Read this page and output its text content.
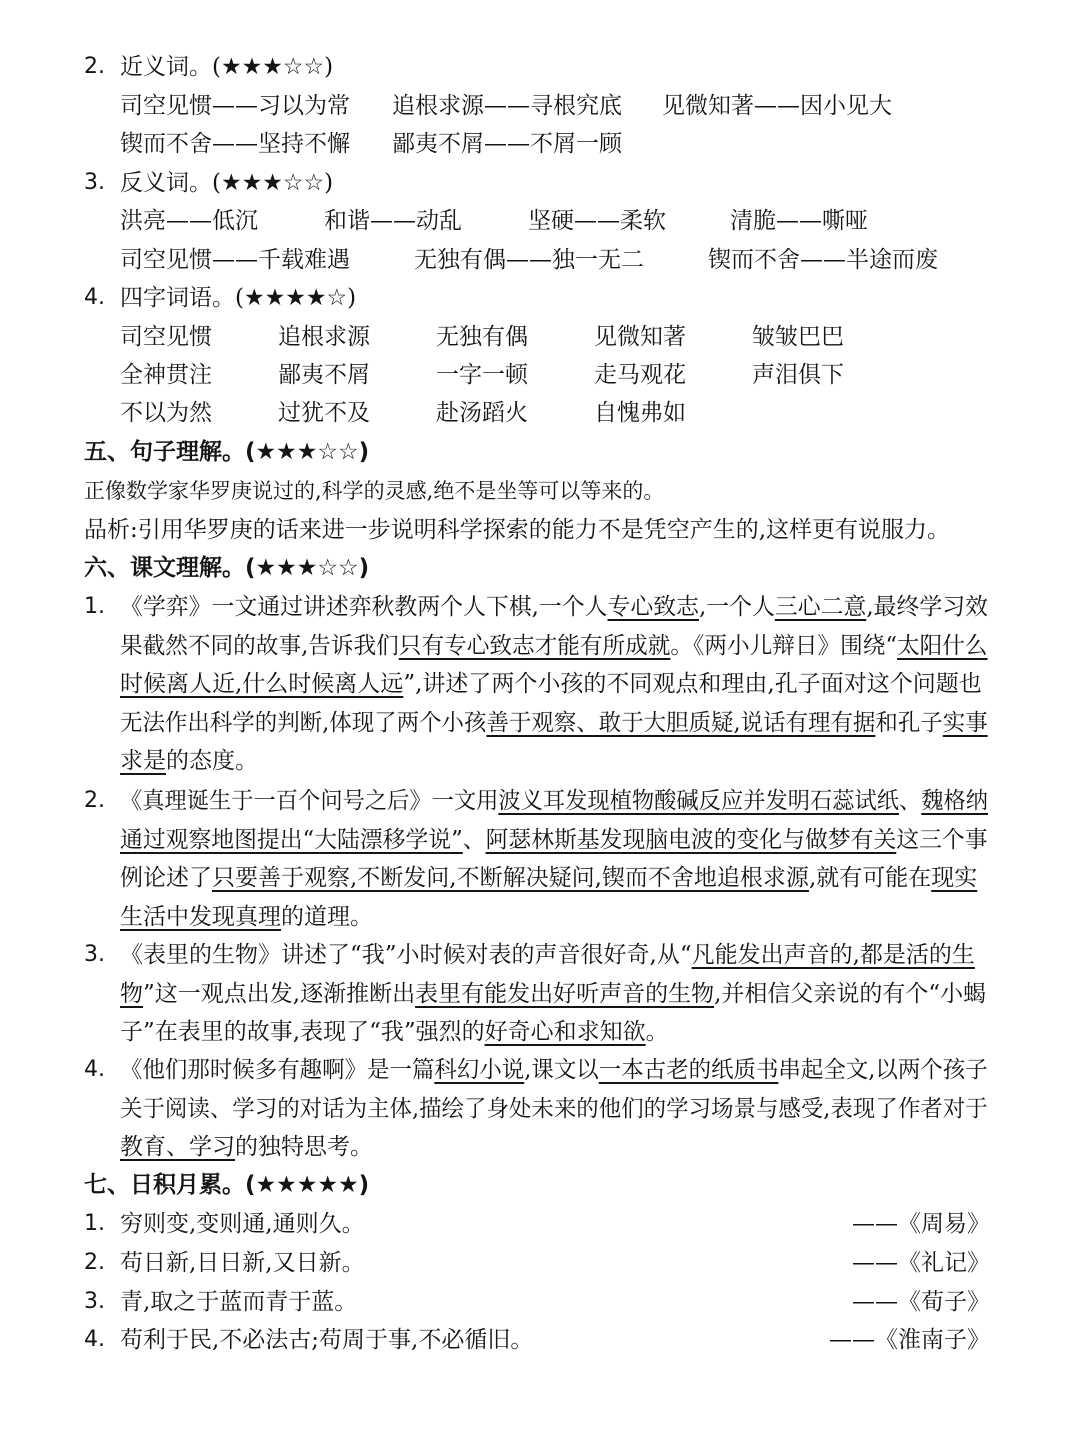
2. 近义词。(★★★☆☆)
司空见惯——习以为常 追根求源——寻根究底 见微知著——因小见大
锲而不舍——坚持不懈 鄙夷不屑——不屑一顾
3. 反义词。(★★★☆☆)
洪亮——低沉	和谐——动乱	坚硬——柔软	清脆——嘶哑
司空见惯——千载难遇	无独有偶——独一无二	锲而不舍——半途而废
4. 四字词语。(★★★★☆)
司空见惯	追根求源	无独有偶	见微知著	皱皱巴巴
全神贯注	鄙夷不屑	一字一顿	走马观花	声泪俱下
不以为然	过犹不及	赴汤蹈火	自愧弗如
五、句子理解。(★★★☆☆)
正像数学家华罗庚说过的,科学的灵感,绝不是坐等可以等来的。
品析:引用华罗庚的话来进一步说明科学探索的能力不是凭空产生的,这样更有说服力。
六、课文理解。(★★★☆☆)
1. 《学弈》一文通过讲述弈秋教两个人下棋,一个人专心致志,一个人三心二意,最终学习效
果截然不同的故事,告诉我们只有专心致志才能有所成就。《两小儿辩日》围绕“太阳什么
时候离人近,什么时候离人远”,讲述了两个小孩的不同观点和理由,孔子面对这个问题也
无法作出科学的判断,体现了两个小孩善于观察、敢于大胆质疑,说话有理有据和孔子实事
求是的态度。
2. 《真理诞生于一百个问号之后》一文用波义耳发现植物酸碱反应并发明石蕊试纸、魏格纳
通过观察地图提出“大陆漂移学说”、阿瑟林斯基发现脑电波的变化与做梦有关这三个事
例论述了只要善于观察,不断发问,不断解决疑问,锲而不舍地追根求源,就有可能在现实
生活中发现真理的道理。
3. 《表里的生物》讲述了“我”小时候对表的声音很好奇,从“凡能发出声音的,都是活的生
物”这一观点出发,逐渐推断出表里有能发出好听声音的生物,并相信父亲说的有个“小蝎
子”在表里的故事,表现了“我”强烈的好奇心和求知欲。
4. 《他们那时候多有趣啊》是一篇科幻小说,课文以一本古老的纸质书串起全文,以两个孩子
关于阅读、学习的对话为主体,描绘了身处未来的他们的学习场景与感受,表现了作者对于
教育、学习的独特思考。
七、日积月累。(★★★★★)
1. 穷则变,变则通,通则久。	——《周易》
2. 苟日新,日日新,又日新。	——《礼记》
3. 青,取之于蓝而青于蓝。	——《荀子》
4. 苟利于民,不必法古;苟周于事,不必循旧。	——《淮南子》
